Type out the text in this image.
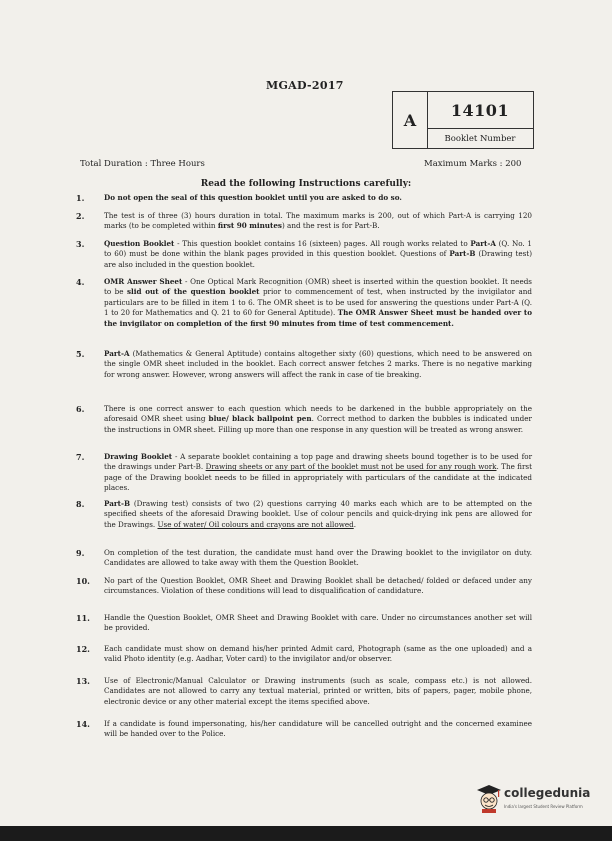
MGAD-2017
A
14101
Booklet Number
Total Duration : Three Hours	Maximum Marks : 200
Read the following Instructions carefully:
1.	Do not open the seal of this question booklet until you are asked to do so.
2.	The test is of three (3) hours duration in total. The maximum marks is 200, out of which Part-A is carrying 120 marks (to be completed within first 90 minutes) and the rest is for Part-B.
3.	Question Booklet - This question booklet contains 16 (sixteen) pages. All rough works related to Part-A (Q. No. 1 to 60) must be done within the blank pages provided in this question booklet. Questions of Part-B (Drawing test) are also included in the question booklet.
4.	OMR Answer Sheet - One Optical Mark Recognition (OMR) sheet is inserted within the question booklet. It needs to be slid out of the question booklet prior to commencement of test, when instructed by the invigilator and particulars are to be filled in item 1 to 6. The OMR sheet is to be used for answering the questions under Part-A (Q. 1 to 20 for Mathematics and Q. 21 to 60 for General Aptitude). The OMR Answer Sheet must be handed over to the invigilator on completion of the first 90 minutes from time of test commencement.
5.	Part-A (Mathematics & General Aptitude) contains altogether sixty (60) questions, which need to be answered on the single OMR sheet included in the booklet. Each correct answer fetches 2 marks. There is no negative marking for wrong answer. However, wrong answers will affect the rank in case of tie breaking.
6.	There is one correct answer to each question which needs to be darkened in the bubble appropriately on the aforesaid OMR sheet using blue/ black ballpoint pen. Correct method to darken the bubbles is indicated under the instructions in OMR sheet. Filling up more than one response in any question will be treated as wrong answer.
7.	Drawing Booklet - A separate booklet containing a top page and drawing sheets bound together is to be used for the drawings under Part-B. Drawing sheets or any part of the booklet must not be used for any rough work. The first page of the Drawing booklet needs to be filled in appropriately with particulars of the candidate at the indicated places.
8.	Part-B (Drawing test) consists of two (2) questions carrying 40 marks each which are to be attempted on the specified sheets of the aforesaid Drawing booklet. Use of colour pencils and quick-drying ink pens are allowed for the Drawings. Use of water/ Oil colours and crayons are not allowed.
9.	On completion of the test duration, the candidate must hand over the Drawing booklet to the invigilator on duty. Candidates are allowed to take away with them the Question Booklet.
10.	No part of the Question Booklet, OMR Sheet and Drawing Booklet shall be detached/ folded or defaced under any circumstances. Violation of these conditions will lead to disqualification of candidature.
11.	Handle the Question Booklet, OMR Sheet and Drawing Booklet with care. Under no circumstances another set will be provided.
12.	Each candidate must show on demand his/her printed Admit card, Photograph (same as the one uploaded) and a valid Photo identity (e.g. Aadhar, Voter card) to the invigilator and/or observer.
13.	Use of Electronic/Manual Calculator or Drawing instruments (such as scale, compass etc.) is not allowed. Candidates are not allowed to carry any textual material, printed or written, bits of papers, pager, mobile phone, electronic device or any other material except the items specified above.
14.	If a candidate is found impersonating, his/her candidature will be cancelled outright and the concerned examinee will be handed over to the Police.
collegedunia
India's largest Student Review Platform
